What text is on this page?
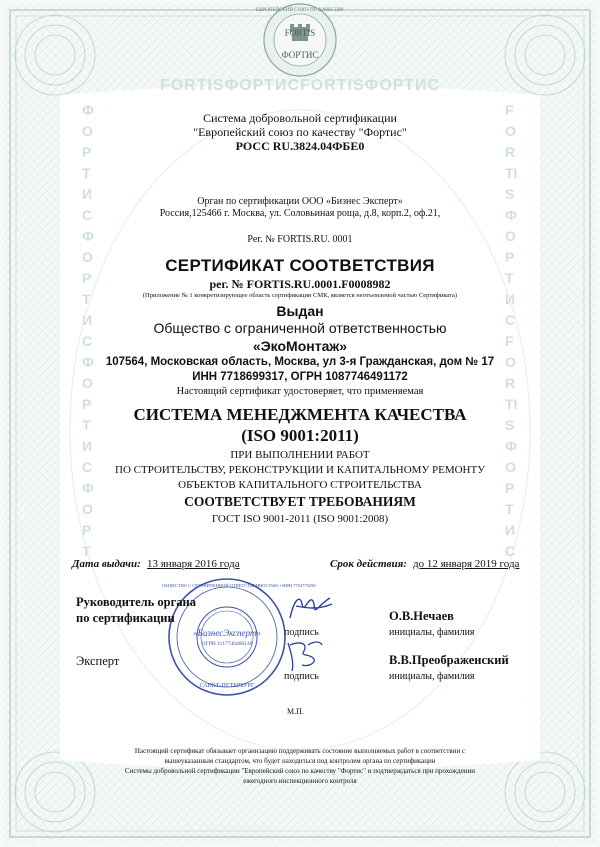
FORTISФОРТИСFORTISФОРТИС
ФОРТИСФОРТИСФОРТИСФОРТ
FORTISФОРТИСFORTISФОРТИС
FORTIS
ФОРТИС
ЕВРОПЕЙСКИЙ СОЮЗ ПО КАЧЕСТВУ
Система добровольной сертификации
"Европейский союз по качеству "Фортис"
РОСС RU.3824.04ФБЕ0
Орган по сертификации ООО «Бизнес Эксперт»
Россия,125466 г. Москва, ул. Соловьиная роща, д.8, корп.2, оф.21,
Рег. № FORTIS.RU. 0001
СЕРТИФИКАТ СООТВЕТСТВИЯ
рег. № FORTIS.RU.0001.F0008982
(Приложение № 1 конкретизирующее область сертификации СМК, является неотъемлемой частью Сертификата)
Выдан
Общество с ограниченной ответственностью
«ЭкоМонтаж»
107564, Московская область, Москва, ул 3-я Гражданская, дом № 17
ИНН 7718699317, ОГРН 1087746491172
Настоящий сертификат удостоверяет, что применяемая
СИСТЕМА МЕНЕДЖМЕНТА КАЧЕСТВА
(ISO 9001:2011)
ПРИ ВЫПОЛНЕНИИ РАБОТ
ПО СТРОИТЕЛЬСТВУ, РЕКОНСТРУКЦИИ И КАПИТАЛЬНОМУ РЕМОНТУ
ОБЪЕКТОВ КАПИТАЛЬНОГО СТРОИТЕЛЬСТВА
СООТВЕТСТВУЕТ ТРЕБОВАНИЯМ
ГОСТ ISO 9001-2011 (ISO 9001:2008)
Дата выдачи: 13 января 2016 года	Срок действия: до 12 января 2019 года
«БизнесЭксперт»
ОГРН 1117746480148
ОБЩЕСТВО С ОГРАНИЧЕННОЙ ОТВЕТСТВЕННОСТЬЮ • ИНН 7704770290
САНКТ-ПЕТЕРБУРГ
Руководитель органа
по сертификации
подпись
О.В.Нечаев
инициалы, фамилия
Эксперт
подпись
В.В.Преображенский
инициалы, фамилия
М.П.
Настоящий сертификат обязывает организацию поддерживать состояние выполняемых работ в соответствии с
вышеуказанным стандартом, что будет находиться под контролем органа по сертификации
Системы добровольной сертификации "Европейский союз по качеству "Фортис" и подтверждаться при прохождении
ежегодного инспекционного контроля
